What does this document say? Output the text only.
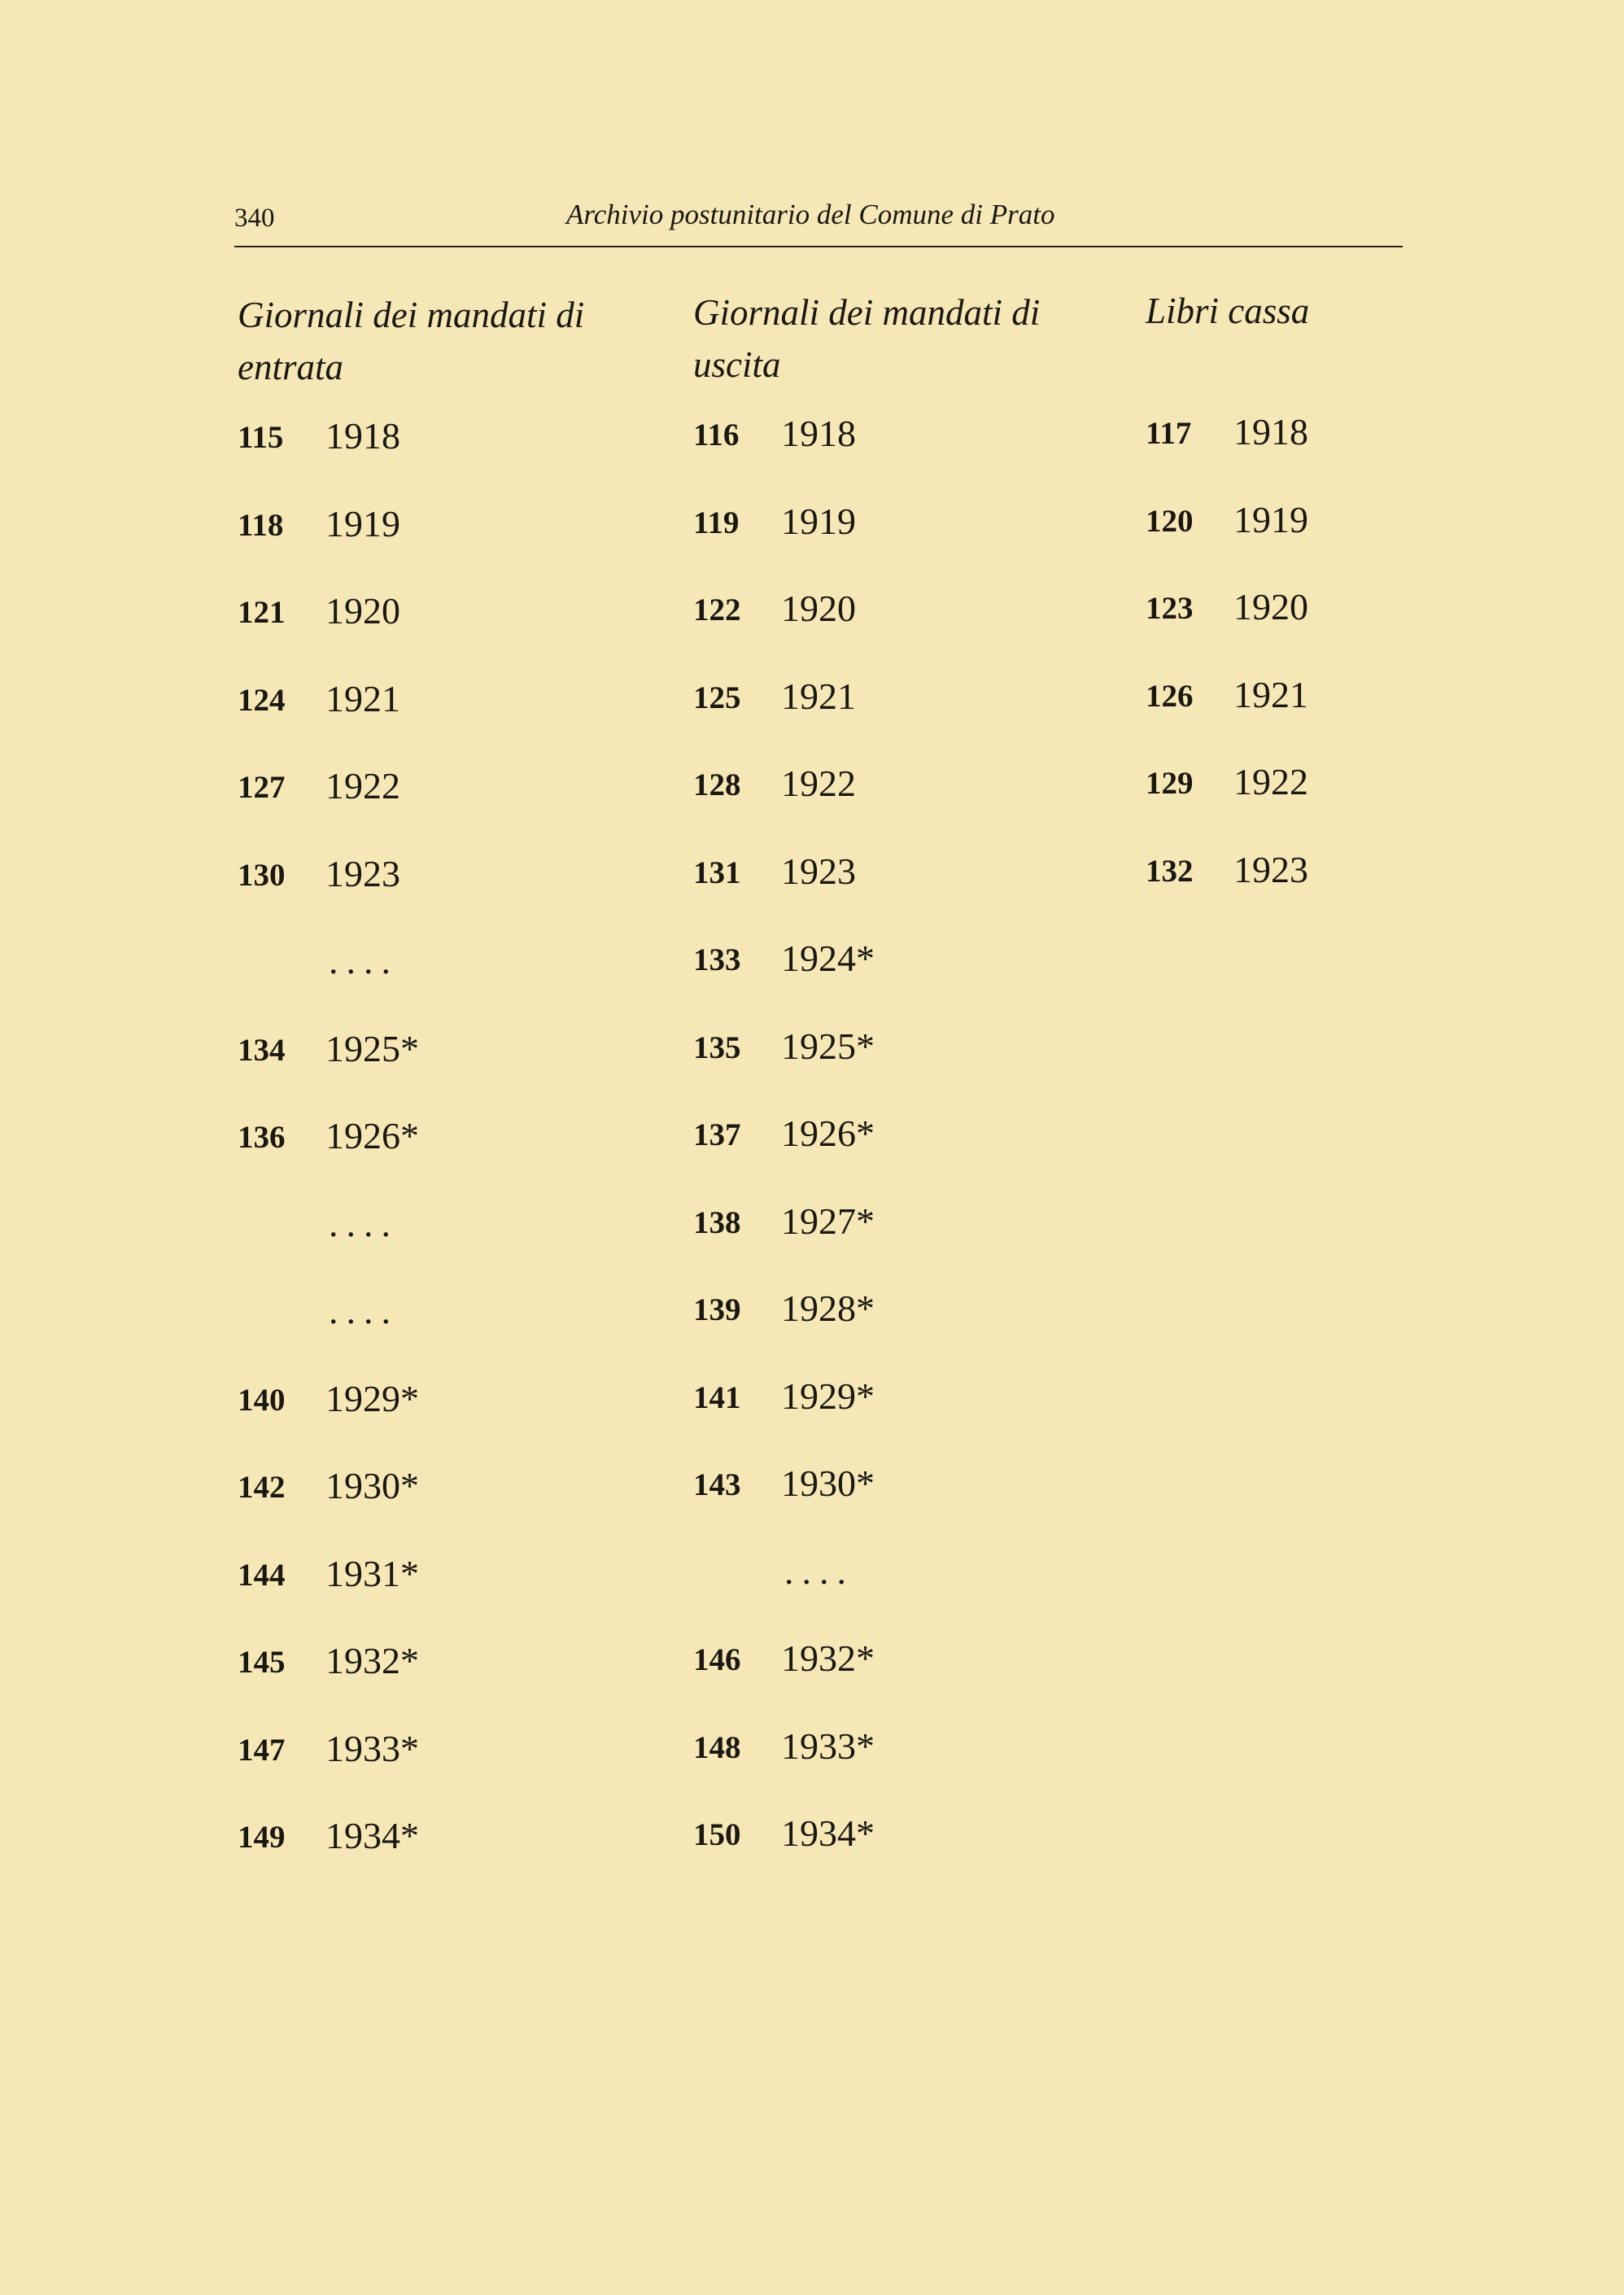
340	Archivio postunitario del Comune di Prato
Giornali dei mandati di entrata
115	1918
118	1919
121	1920
124	1921
127	1922
130	1923
....
134	1925*
136	1926*
....
....
140	1929*
142	1930*
144	1931*
145	1932*
147	1933*
149	1934*
Giornali dei mandati di uscita
116	1918
119	1919
122	1920
125	1921
128	1922
131	1923
133	1924*
135	1925*
137	1926*
138	1927*
139	1928*
141	1929*
143	1930*
....
146	1932*
148	1933*
150	1934*
Libri cassa
117	1918
120	1919
123	1920
126	1921
129	1922
132	1923
